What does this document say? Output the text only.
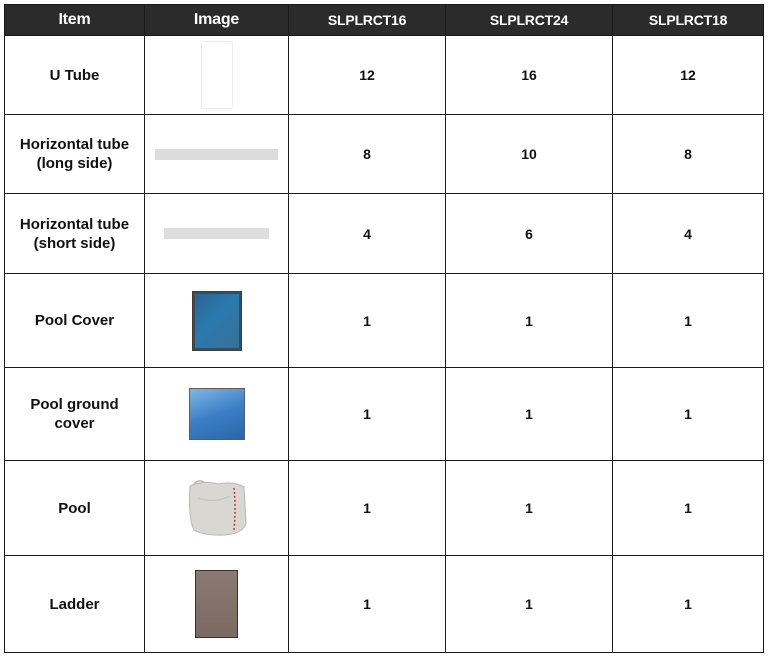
Item	Image	SLPLRCT16	SLPLRCT24	SLPLRCT18
U Tube		12	16	12
Horizontal tube
(long side)		8	10	8
Horizontal tube
(short side)		4	6	4
Pool Cover		1	1	1
Pool ground
cover		1	1	1
Pool		1	1	1
Ladder		1	1	1
